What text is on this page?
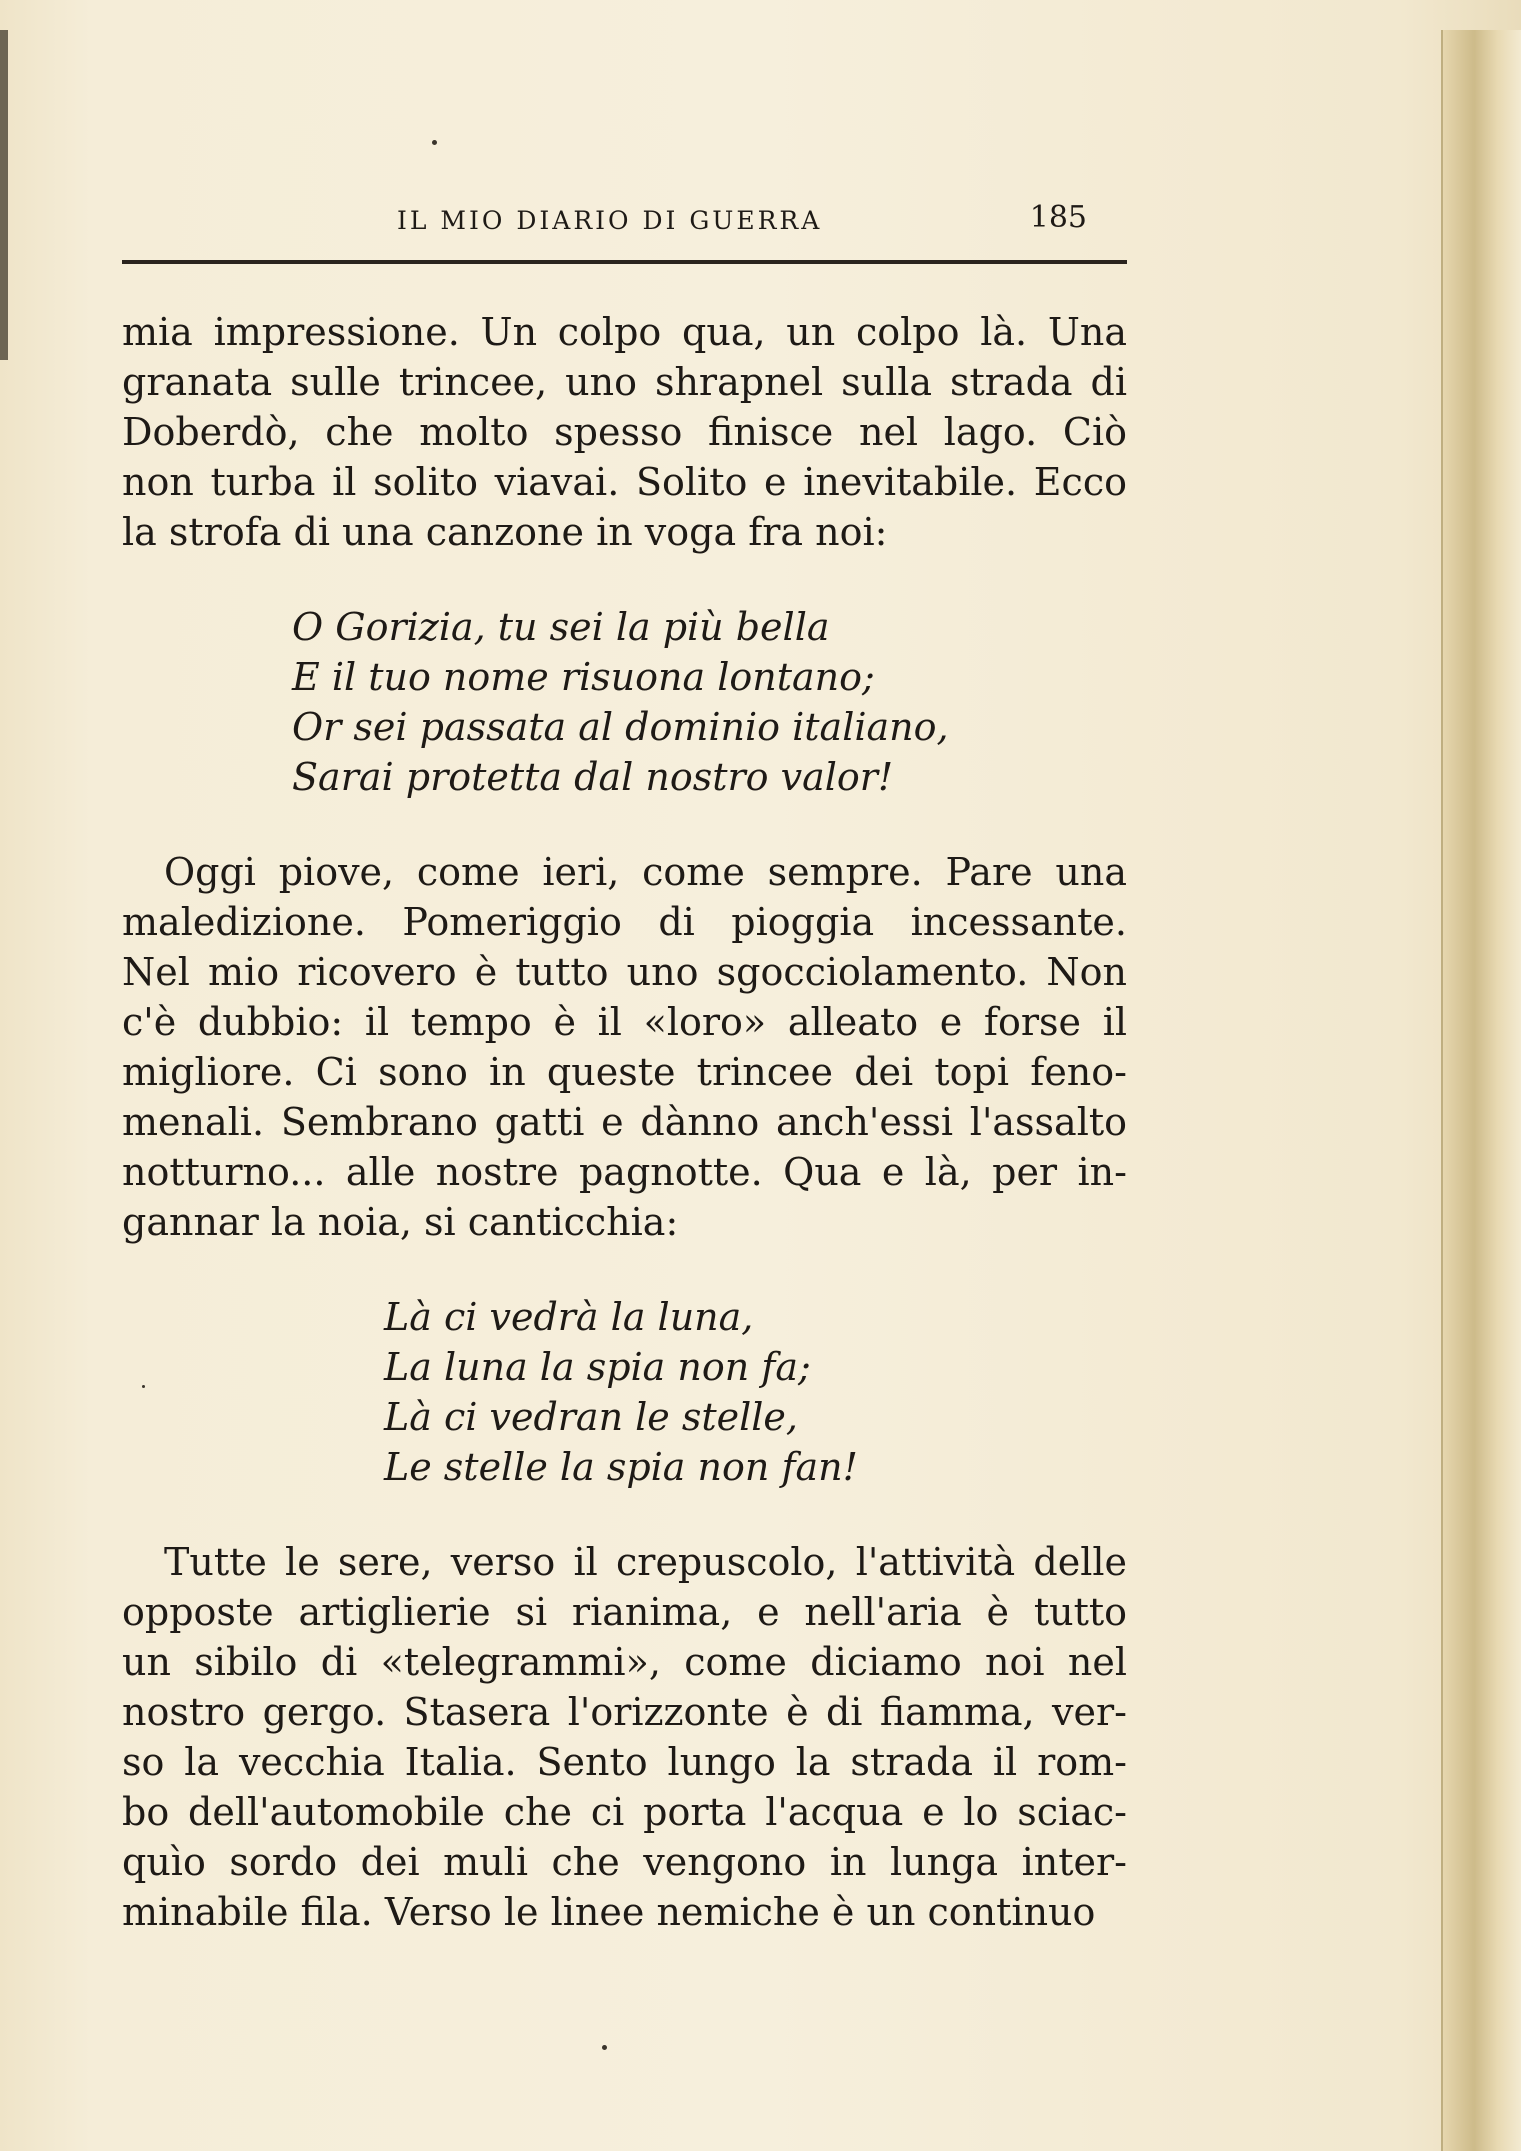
IL MIO DIARIO DI GUERRA	185

mia impressione. Un colpo qua, un colpo là. Una
granata sulle trincee, uno shrapnel sulla strada di
Doberdò, che molto spesso finisce nel lago. Ciò
non turba il solito viavai. Solito e inevitabile. Ecco
la strofa di una canzone in voga fra noi:

O Gorizia, tu sei la più bella
E il tuo nome risuona lontano;
Or sei passata al dominio italiano,
Sarai protetta dal nostro valor!

Oggi piove, come ieri, come sempre. Pare una
maledizione. Pomeriggio di pioggia incessante.
Nel mio ricovero è tutto uno sgocciolamento. Non
c'è dubbio: il tempo è il «loro» alleato e forse il
migliore. Ci sono in queste trincee dei topi feno-
menali. Sembrano gatti e dànno anch'essi l'assalto
notturno... alle nostre pagnotte. Qua e là, per in-
gannar la noia, si canticchia:

Là ci vedrà la luna,
La luna la spia non fa;
Là ci vedran le stelle,
Le stelle la spia non fan!

Tutte le sere, verso il crepuscolo, l'attività delle
opposte artiglierie si rianima, e nell'aria è tutto
un sibilo di «telegrammi», come diciamo noi nel
nostro gergo. Stasera l'orizzonte è di fiamma, ver-
so la vecchia Italia. Sento lungo la strada il rom-
bo dell'automobile che ci porta l'acqua e lo sciac-
quìo sordo dei muli che vengono in lunga inter-
minabile fila. Verso le linee nemiche è un continuo
